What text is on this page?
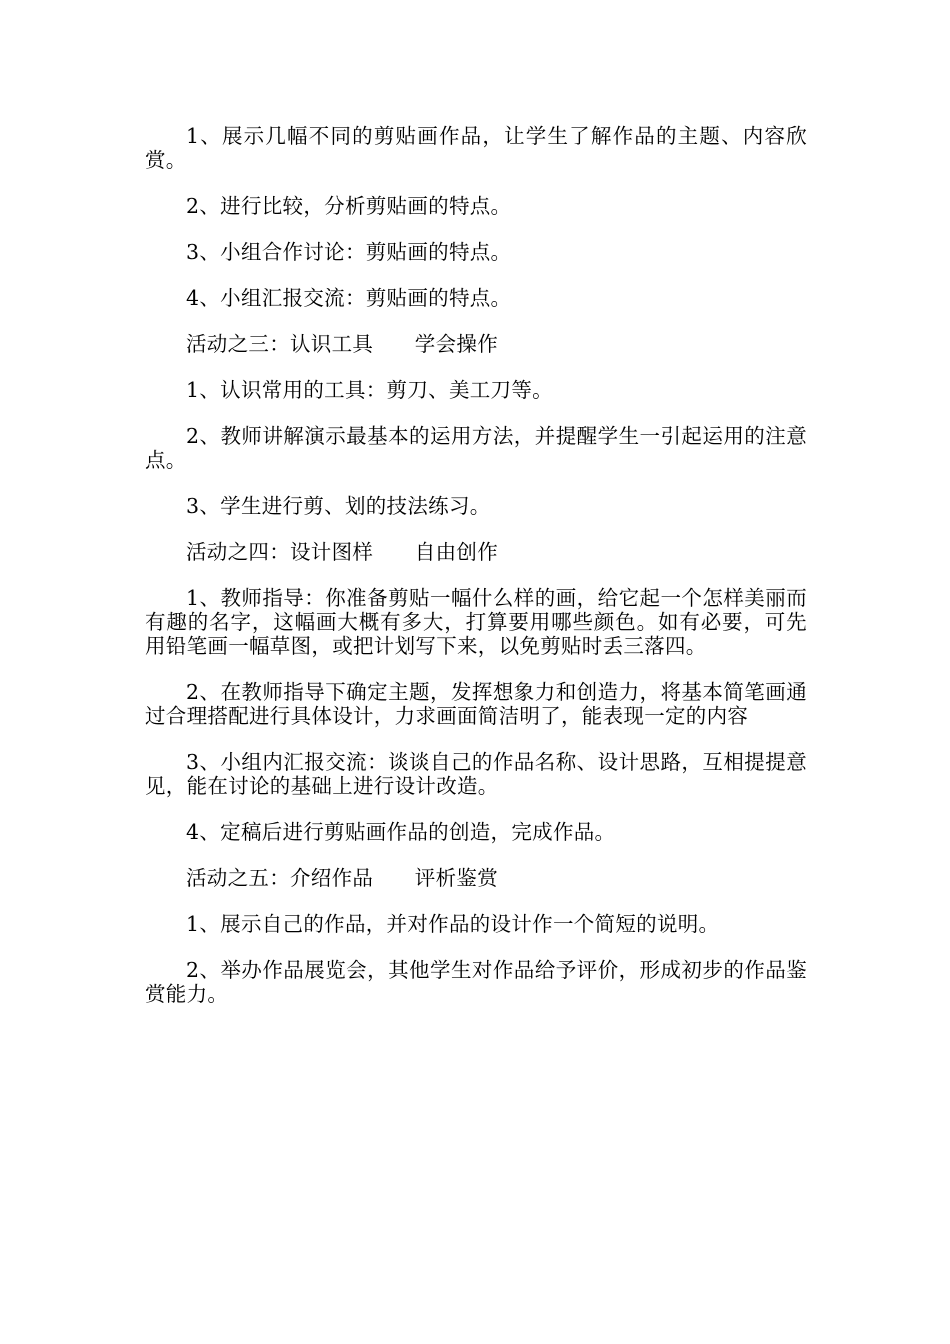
1、展示几幅不同的剪贴画作品，让学生了解作品的主题、内容欣赏。

2、进行比较，分析剪贴画的特点。

3、小组合作讨论：剪贴画的特点。

4、小组汇报交流：剪贴画的特点。

活动之三：认识工具　　学会操作

1、认识常用的工具：剪刀、美工刀等。

2、教师讲解演示最基本的运用方法，并提醒学生一引起运用的注意点。

3、学生进行剪、划的技法练习。

活动之四：设计图样　　自由创作

1、教师指导：你准备剪贴一幅什么样的画，给它起一个怎样美丽而有趣的名字，这幅画大概有多大，打算要用哪些颜色。如有必要，可先用铅笔画一幅草图，或把计划写下来，以免剪贴时丢三落四。

2、在教师指导下确定主题，发挥想象力和创造力，将基本简笔画通过合理搭配进行具体设计，力求画面简洁明了，能表现一定的内容

3、小组内汇报交流：谈谈自己的作品名称、设计思路，互相提提意见，能在讨论的基础上进行设计改造。

4、定稿后进行剪贴画作品的创造，完成作品。

活动之五：介绍作品　　评析鉴赏

1、展示自己的作品，并对作品的设计作一个简短的说明。

2、举办作品展览会，其他学生对作品给予评价，形成初步的作品鉴赏能力。
